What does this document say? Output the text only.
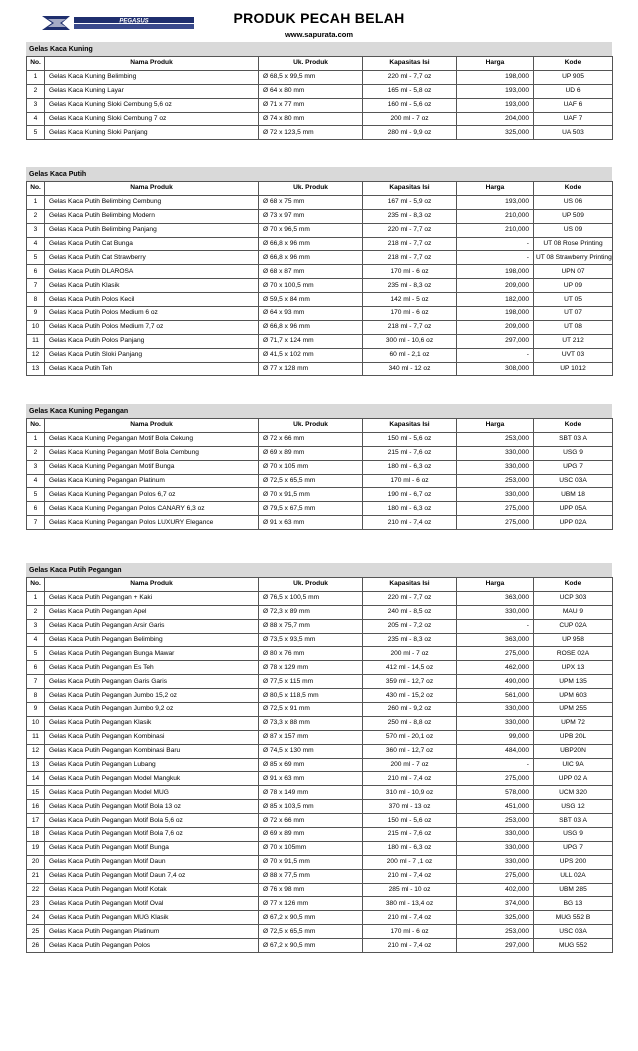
PEGASUS	PRODUK PECAH BELAH
www.sapurata.com
Gelas Kaca Kuning
No.	Nama Produk	Uk. Produk	Kapasitas Isi	Harga	Kode
1	Gelas Kaca Kuning Belimbing	Ø 68,5 x 99,5 mm	220 ml - 7,7 oz	198,000	UP 905
2	Gelas Kaca Kuning Layar	Ø 64 x 80 mm	165 ml - 5,8 oz	193,000	UD 6
3	Gelas Kaca Kuning Sloki Cembung 5,6 oz	Ø 71 x 77 mm	160 ml - 5,6 oz	193,000	UAF 6
4	Gelas Kaca Kuning Sloki Cembung 7 oz	Ø 74 x 80 mm	200 ml - 7 oz	204,000	UAF 7
5	Gelas Kaca Kuning Sloki Panjang	Ø 72 x 123,5 mm	280 ml - 9,9 oz	325,000	UA 503
Gelas Kaca Putih
No.	Nama Produk	Uk. Produk	Kapasitas Isi	Harga	Kode
1	Gelas Kaca Putih Belimbing Cembung	Ø 68 x 75 mm	167 ml - 5,9 oz	193,000	US 06
2	Gelas Kaca Putih Belimbing Modern	Ø 73 x 97 mm	235 ml - 8,3 oz	210,000	UP 509
3	Gelas Kaca Putih Belimbing Panjang	Ø 70 x 96,5 mm	220 ml - 7,7 oz	210,000	US 09
4	Gelas Kaca Putih Cat Bunga	Ø 66,8 x 96 mm	218 ml - 7,7 oz	-	UT 08 Rose Printing
5	Gelas Kaca Putih Cat Strawberry	Ø 66,8 x 96 mm	218 ml - 7,7 oz	-	UT 08 Strawberry Printing
6	Gelas Kaca Putih DLAROSA	Ø 68 x 87 mm	170 ml - 6 oz	198,000	UPN 07
7	Gelas Kaca Putih Klasik	Ø 70 x 100,5 mm	235 ml - 8,3 oz	209,000	UP 09
8	Gelas Kaca Putih Polos Kecil	Ø 59,5 x 84 mm	142 ml - 5 oz	182,000	UT 05
9	Gelas Kaca Putih Polos Medium 6 oz	Ø 64 x 93 mm	170 ml - 6 oz	198,000	UT 07
10	Gelas Kaca Putih Polos Medium 7,7 oz	Ø 66,8 x 96 mm	218 ml - 7,7 oz	209,000	UT 08
11	Gelas Kaca Putih Polos Panjang	Ø 71,7 x 124 mm	300 ml - 10,6 oz	297,000	UT 212
12	Gelas Kaca Putih Sloki Panjang	Ø 41,5 x 102 mm	60 ml - 2,1 oz	-	UVT 03
13	Gelas Kaca Putih Teh	Ø 77 x 128 mm	340 ml - 12 oz	308,000	UP 1012
Gelas Kaca Kuning Pegangan
No.	Nama Produk	Uk. Produk	Kapasitas Isi	Harga	Kode
1	Gelas Kaca Kuning Pegangan Motif Bola Cekung	Ø 72 x 66 mm	150 ml - 5,6 oz	253,000	SBT 03 A
2	Gelas Kaca Kuning Pegangan Motif Bola Cembung	Ø 69 x 89 mm	215 ml - 7,6 oz	330,000	USG 9
3	Gelas Kaca Kuning Pegangan Motif Bunga	Ø 70 x 105 mm	180 ml - 6,3 oz	330,000	UPG 7
4	Gelas Kaca Kuning Pegangan Platinum	Ø 72,5 x 65,5 mm	170 ml - 6 oz	253,000	USC 03A
5	Gelas Kaca Kuning Pegangan Polos 6,7 oz	Ø 70 x 91,5 mm	190 ml - 6,7 oz	330,000	UBM 18
6	Gelas Kaca Kuning Pegangan Polos CANARY 6,3 oz	Ø 79,5 x 67,5 mm	180 ml - 6,3 oz	275,000	UPP 05A
7	Gelas Kaca Kuning Pegangan Polos LUXURY Elegance	Ø 91 x 63 mm	210 ml - 7,4 oz	275,000	UPP 02A
Gelas Kaca Putih Pegangan
No.	Nama Produk	Uk. Produk	Kapasitas Isi	Harga	Kode
1	Gelas Kaca Putih Pegangan + Kaki	Ø 76,5 x 100,5 mm	220 ml - 7,7 oz	363,000	UCP 303
2	Gelas Kaca Putih Pegangan Apel	Ø 72,3 x 89 mm	240 ml - 8,5 oz	330,000	MAU 9
3	Gelas Kaca Putih Pegangan Arsir Garis	Ø 88 x 75,7 mm	205 ml - 7,2 oz	-	CUP 02A
4	Gelas Kaca Putih Pegangan Belimbing	Ø 73,5 x 93,5 mm	235 ml - 8,3 oz	363,000	UP 958
5	Gelas Kaca Putih Pegangan Bunga Mawar	Ø 80 x 76 mm	200 ml - 7 oz	275,000	ROSE 02A
6	Gelas Kaca Putih Pegangan Es Teh	Ø 78 x 129 mm	412 ml - 14,5 oz	462,000	UPX 13
7	Gelas Kaca Putih Pegangan Garis Garis	Ø 77,5 x 115 mm	359 ml - 12,7 oz	490,000	UPM 135
8	Gelas Kaca Putih Pegangan Jumbo 15,2 oz	Ø 80,5 x 118,5 mm	430 ml - 15,2 oz	561,000	UPM 603
9	Gelas Kaca Putih Pegangan Jumbo 9,2 oz	Ø 72,5 x 91 mm	260 ml - 9,2 oz	330,000	UPM 255
10	Gelas Kaca Putih Pegangan Klasik	Ø 73,3 x 88 mm	250 ml - 8,8 oz	330,000	UPM 72
11	Gelas Kaca Putih Pegangan Kombinasi	Ø 87 x 157 mm	570 ml - 20,1 oz	99,000	UPB 20L
12	Gelas Kaca Putih Pegangan Kombinasi Baru	Ø 74,5 x 130 mm	360 ml - 12,7 oz	484,000	UBP20N
13	Gelas Kaca Putih Pegangan Lubang	Ø 85 x 69 mm	200 ml - 7 oz	-	UIC 9A
14	Gelas Kaca Putih Pegangan Model Mangkuk	Ø 91 x 63 mm	210 ml - 7,4 oz	275,000	UPP 02 A
15	Gelas Kaca Putih Pegangan Model MUG	Ø 78 x 149 mm	310 ml - 10,9 oz	578,000	UCM 320
16	Gelas Kaca Putih Pegangan Motif Bola 13 oz	Ø 85 x 103,5 mm	370 ml - 13 oz	451,000	USG 12
17	Gelas Kaca Putih Pegangan Motif Bola 5,6 oz	Ø 72 x 66 mm	150 ml - 5,6 oz	253,000	SBT 03 A
18	Gelas Kaca Putih Pegangan Motif Bola 7,6 oz	Ø 69 x 89 mm	215 ml - 7,6 oz	330,000	USG 9
19	Gelas Kaca Putih Pegangan Motif Bunga	Ø 70 x 105mm	180 ml - 6,3 oz	330,000	UPG 7
20	Gelas Kaca Putih Pegangan Motif Daun	Ø 70 x 91,5 mm	200 ml - 7 ,1 oz	330,000	UPS 200
21	Gelas Kaca Putih Pegangan Motif Daun 7,4 oz	Ø 88 x 77,5 mm	210 ml - 7,4 oz	275,000	ULL 02A
22	Gelas Kaca Putih Pegangan Motif Kotak	Ø 76 x 98 mm	285 ml - 10 oz	402,000	UBM 285
23	Gelas Kaca Putih Pegangan Motif Oval	Ø 77 x 126 mm	380 ml - 13,4 oz	374,000	BG 13
24	Gelas Kaca Putih Pegangan MUG Klasik	Ø 67,2 x 90,5 mm	210 ml - 7,4 oz	325,000	MUG 552 B
25	Gelas Kaca Putih Pegangan Platinum	Ø 72,5 x 65,5 mm	170 ml - 6 oz	253,000	USC 03A
26	Gelas Kaca Putih Pegangan Polos	Ø 67,2 x 90,5 mm	210 ml - 7,4 oz	297,000	MUG 552
